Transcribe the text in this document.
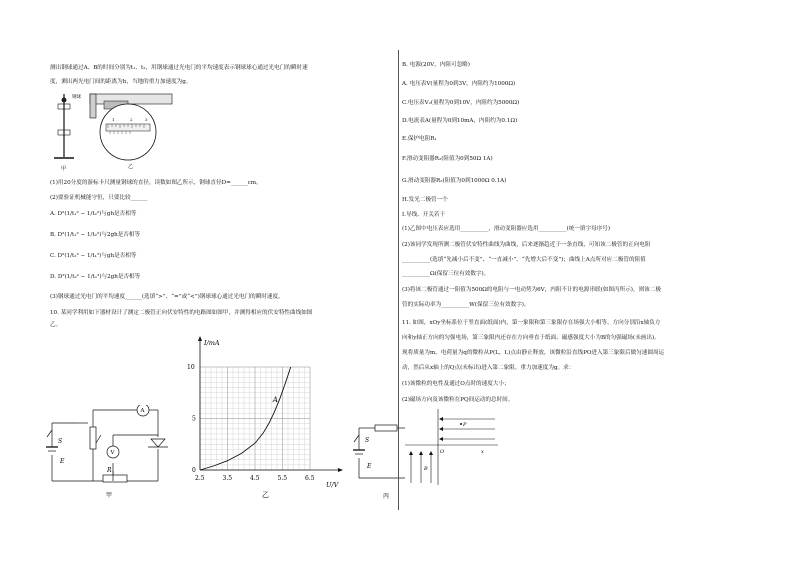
测出钢球通过A、B的时间分别为t₁、t₂，用钢球通过光电门的平均速度表示钢球球心通过光电门的瞬时速
度，测出两光电门间的距离为h，当地的重力加速度为g。
钢球
1	2	3
甲	乙
(1)用20分度的游标卡尺测量钢球的直径，读数如图乙所示，钢球直径D=______cm。
(2)要验证机械能守恒，只要比较______
A. D²(1/t₁² − 1/t₂²)与gh是否相等
B. D²(1/t₁² − 1/t₂²)与2gh是否相等
C. D²(1/t₂² − 1/t₁²)与gh是否相等
D. D²(1/t₂² − 1/t₁²)与2gh是否相等
(3)钢球通过光电门的平均速度______(选填“>”、“=”或“<”)钢球球心通过光电门的瞬时速度。
10. 某同学利用如下器材设计了测定二极管正向伏安特性的电路图如图甲，并测得相应的伏安特性曲线如图
乙。
A
V
S
E
R 1
甲
I/mA
U/V
2.5	3.5	4.5	5.5	6.5
0
5
10
A
乙
S
E
丙
B. 电源(20V，内阻可忽略)
A. 电压表V(量程为0到3V，内阻约为1000Ω)
C.电压表V₂(量程为0到10V，内阻约为5000Ω)
D.电流表A(量程为0到10mA，内阻约为0.1Ω)
E.保护电阻R₁
F.滑动变阻器R₂(阻值为0到50Ω 1A)
G.滑动变阻器R₃(阻值为0到1000Ω 0.1A)
H.发光二极管一个
I.导线、开关若干
(1)乙图中电压表应选用__________，滑动变阻器应选用__________(统一填字母序号)
(2)该同学发现所测二极管伏安特性曲线为曲线，后来逐渐趋近于一条直线，可知该二极管的正向电阻
__________(选填“先减小后不变”、“一直减小”、“先增大后不变”)；曲线上A点所对应二极管的阻值
__________Ω(保留三位有效数字)。
(3)将该二极管通过一阻值为500Ω的电阻与一电动势为6V，内阻不计的电源串联(如图丙所示)，则该二极
管的实际功率为__________W(保留三位有效数字)。
11. 如图，xOy坐标系位于竖直面(纸面)内，第一象限和第三象限存在场强大小相等、方向分别沿x轴负方
向和y轴正方向的匀强电场，第三象限内还存在方向垂直于纸面、磁感强度大小为B的匀强磁场(未画出)。
现将质量为m、电荷量为q的微粒从P(L，L)点由静止释放，该微粒沿直线PO进入第三象限后做匀速圆周运
动，然后从x轴上的Q点(未标出)进入第二象限。重力加速度为g。求：
(1)该微粒的电性及通过O点时的速度大小；
(2)磁场方向及该微粒在PQ间运动的总时间。
P
O	x
B
